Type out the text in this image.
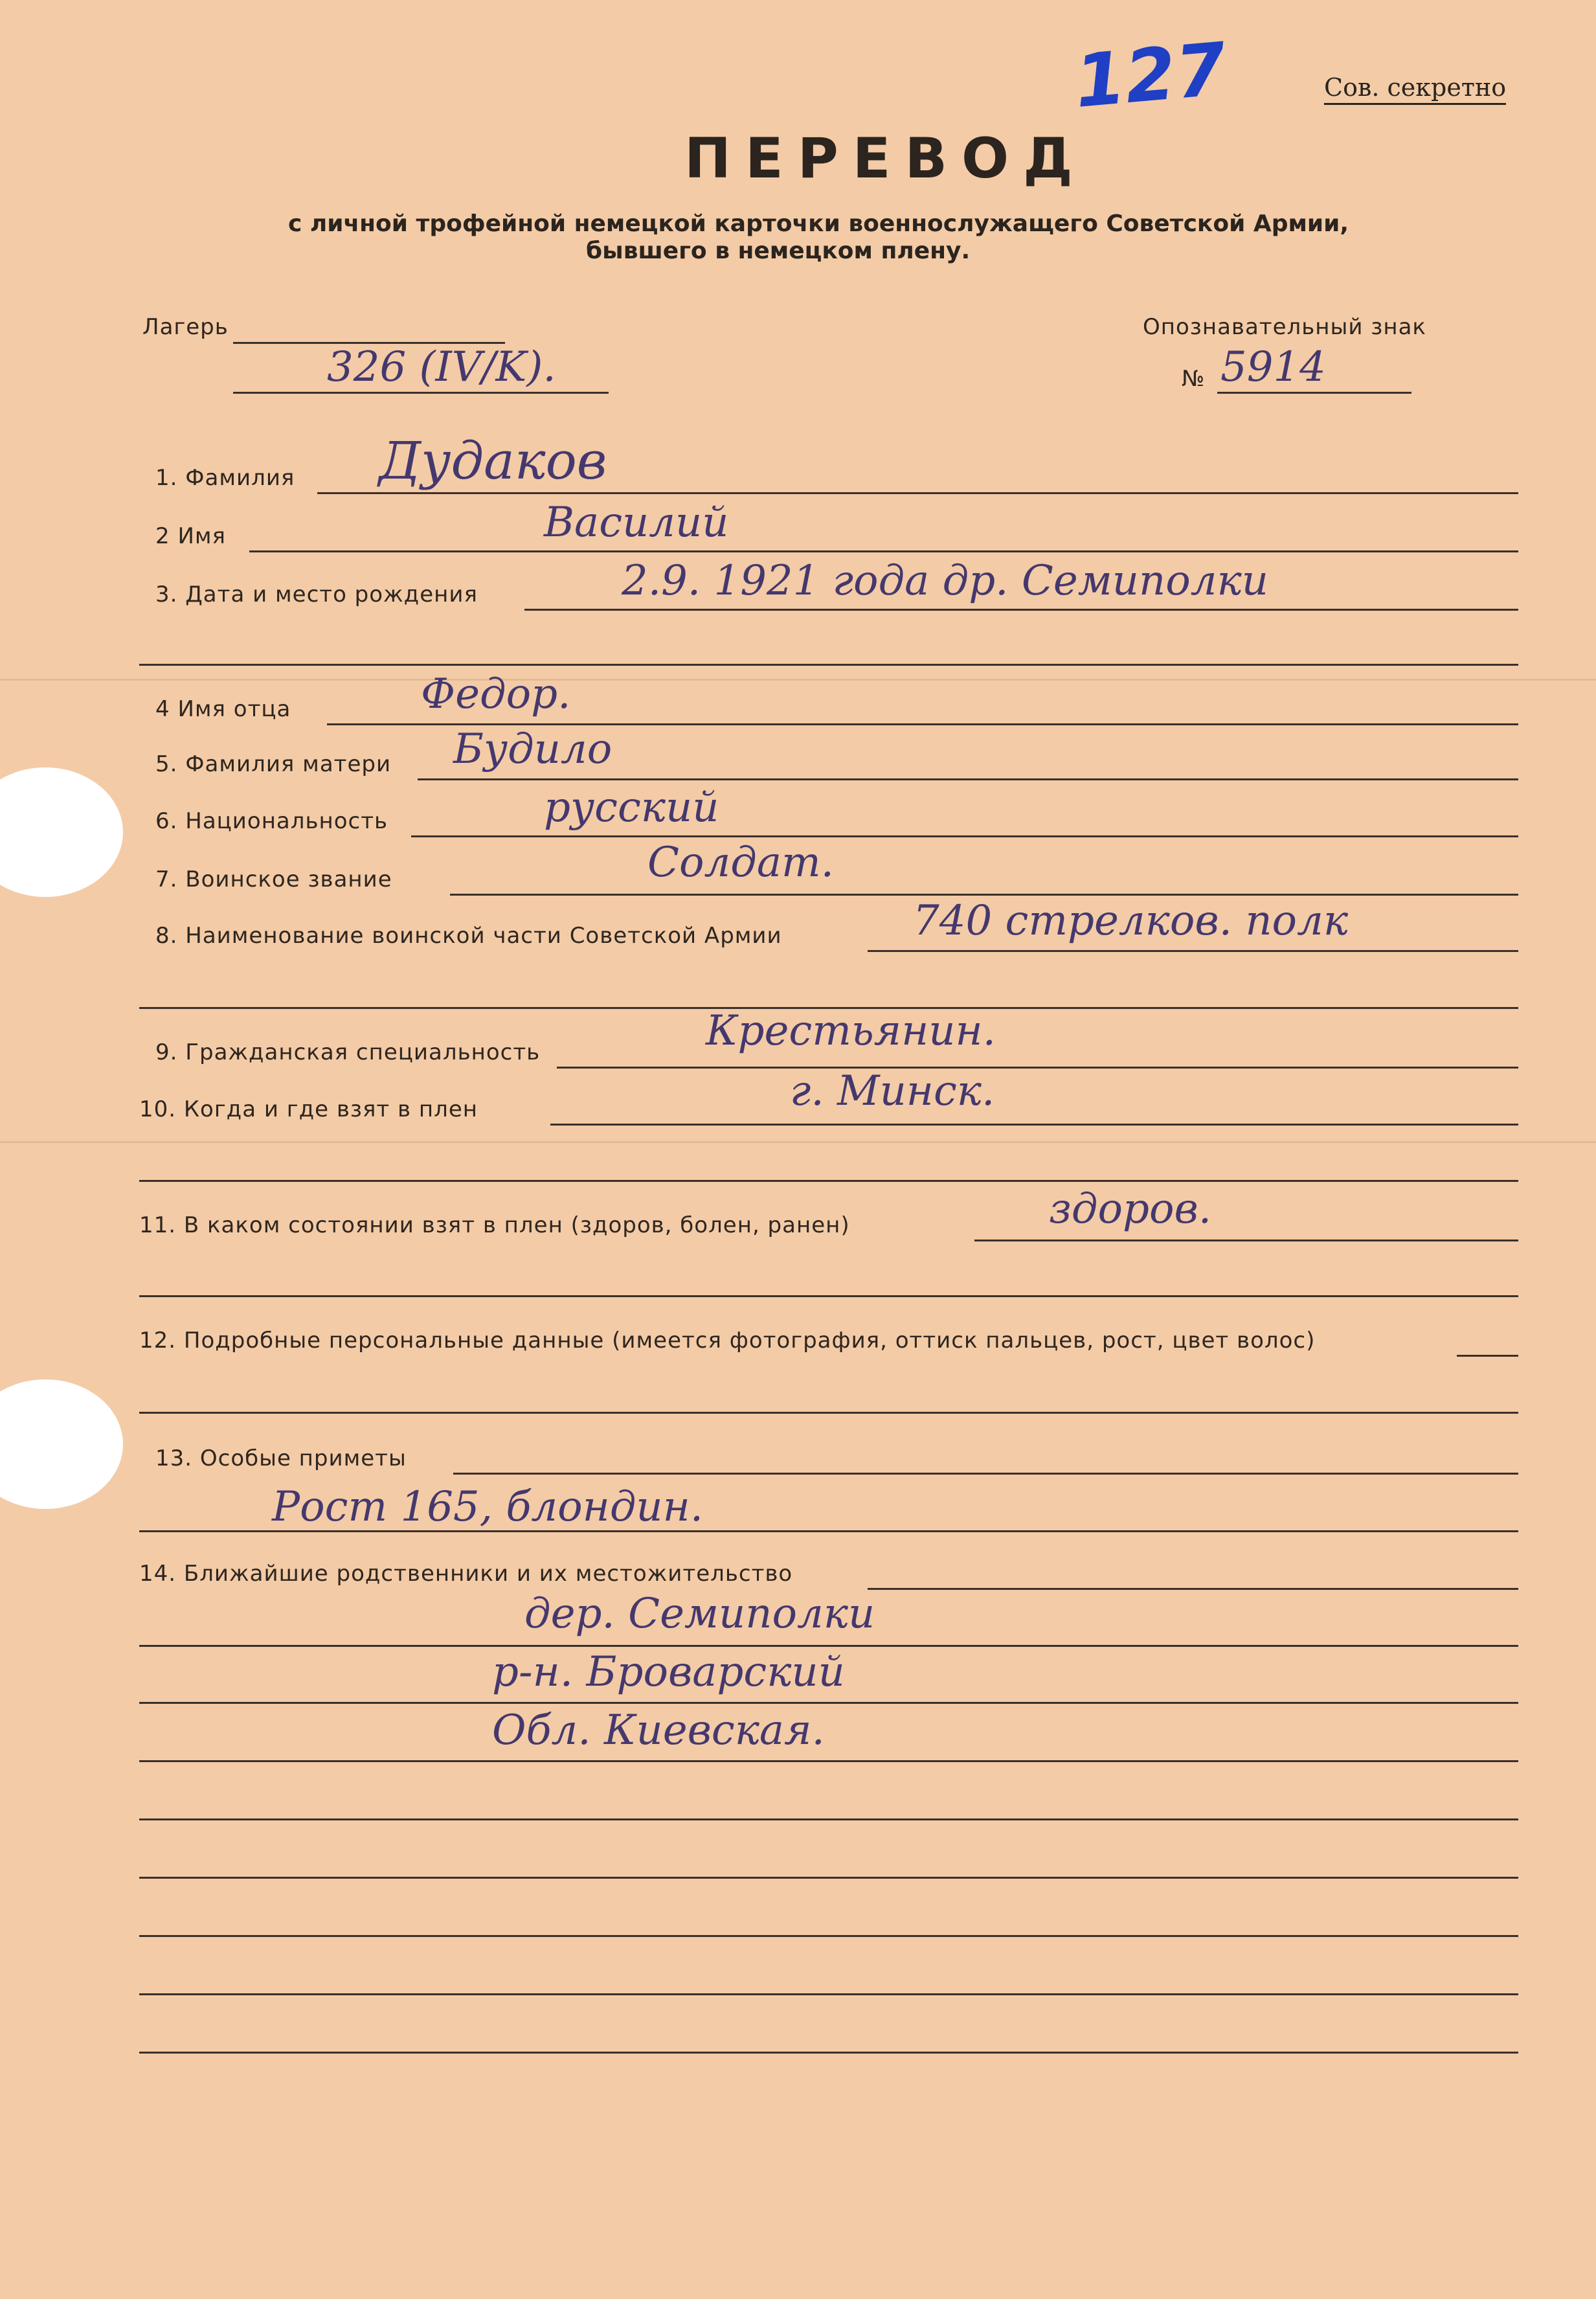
127	Сов. секретно
ПЕРЕВОД
с личной трофейной немецкой карточки военнослужащего Советской Армии,
бывшего в немецком плену.
Лагерь
326 (IV/K).
Опознавательный знак
№ 5914
1. Фамилия Дудаков
2 Имя	Василий
3. Дата и место рождения	2.9. 1921 года др. Семиполки
4 Имя отца	Федор.
5. Фамилия матери Будило
6. Национальность	русский
7. Воинское звание	Солдат.
8. Наименование воинской части Советской Армии	740 стрелков. полк
9. Гражданская специальность	Крестьянин.
10. Когда и где взят в плен	г. Минск.
11. В каком состоянии взят в плен (здоров, болен, ранен)	здоров.
12. Подробные персональные данные (имеется фотография, оттиск пальцев, рост, цвет волос)
13. Особые приметы
Рост 165, блондин.
14. Ближайшие родственники и их местожительство
дер. Семиполки
р-н. Броварский
Обл. Киевская.
